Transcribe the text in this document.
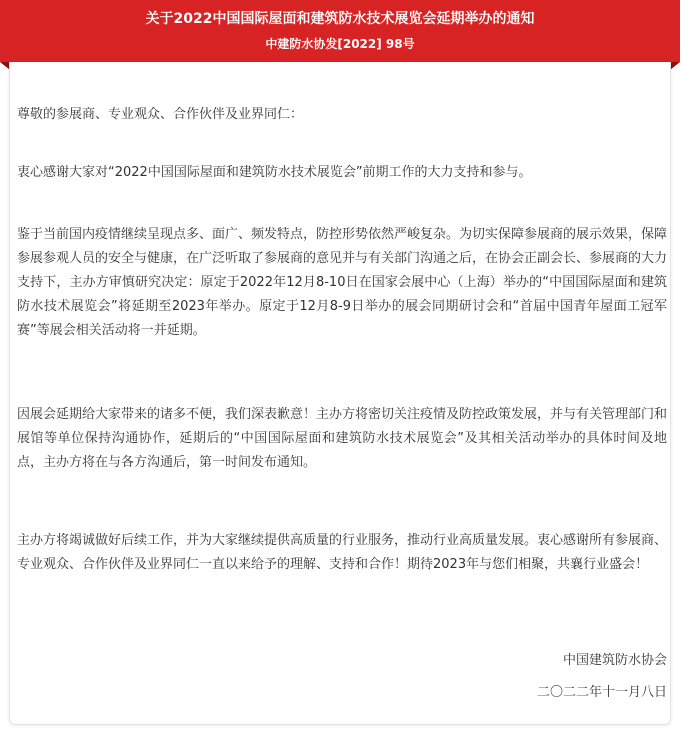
关于2022中国国际屋面和建筑防水技术展览会延期举办的通知
中建防水协发[2022] 98号

尊敬的参展商、专业观众、合作伙伴及业界同仁：

衷心感谢大家对“2022中国国际屋面和建筑防水技术展览会”前期工作的大力支持和参与。

鉴于当前国内疫情继续呈现点多、面广、频发特点，防控形势依然严峻复杂。为切实保障参展商的展示效果，保障参展参观人员的安全与健康，在广泛听取了参展商的意见并与有关部门沟通之后，在协会正副会长、参展商的大力支持下，主办方审慎研究决定：原定于2022年12月8-10日在国家会展中心（上海）举办的“中国国际屋面和建筑防水技术展览会”将延期至2023年举办。原定于12月8-9日举办的展会同期研讨会和“首届中国青年屋面工冠军赛”等展会相关活动将一并延期。

因展会延期给大家带来的诸多不便，我们深表歉意！主办方将密切关注疫情及防控政策发展，并与有关管理部门和展馆等单位保持沟通协作，延期后的“中国国际屋面和建筑防水技术展览会”及其相关活动举办的具体时间及地点，主办方将在与各方沟通后，第一时间发布通知。

主办方将竭诚做好后续工作，并为大家继续提供高质量的行业服务，推动行业高质量发展。衷心感谢所有参展商、专业观众、合作伙伴及业界同仁一直以来给予的理解、支持和合作！期待2023年与您们相聚，共襄行业盛会！

中国建筑防水协会
二〇二二年十一月八日
